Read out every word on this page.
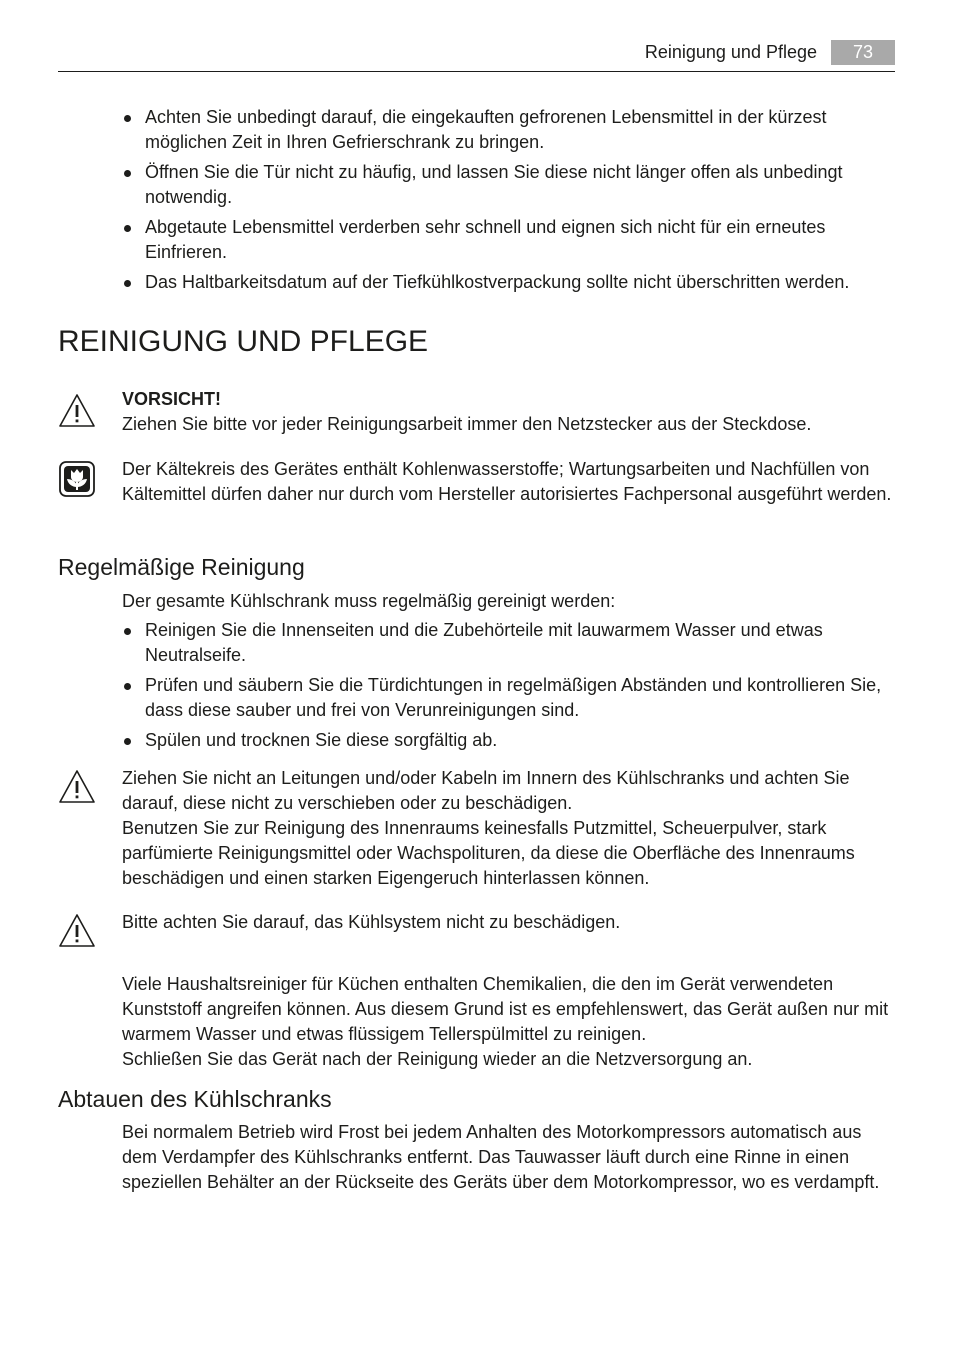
Reinigung und Pflege	73
Achten Sie unbedingt darauf, die eingekauften gefrorenen Lebensmittel in der kürzest möglichen Zeit in Ihren Gefrierschrank zu bringen.
Öffnen Sie die Tür nicht zu häufig, und lassen Sie diese nicht länger offen als unbedingt notwendig.
Abgetaute Lebensmittel verderben sehr schnell und eignen sich nicht für ein erneutes Einfrieren.
Das Haltbarkeitsdatum auf der Tiefkühlkostverpackung sollte nicht überschritten werden.
REINIGUNG UND PFLEGE
VORSICHT!
Ziehen Sie bitte vor jeder Reinigungsarbeit immer den Netzstecker aus der Steckdose.
Der Kältekreis des Gerätes enthält Kohlenwasserstoffe; Wartungsarbeiten und Nachfüllen von Kältemittel dürfen daher nur durch vom Hersteller autorisiertes Fachpersonal ausgeführt werden.
Regelmäßige Reinigung
Der gesamte Kühlschrank muss regelmäßig gereinigt werden:
Reinigen Sie die Innenseiten und die Zubehörteile mit lauwarmem Wasser und etwas Neutralseife.
Prüfen und säubern Sie die Türdichtungen in regelmäßigen Abständen und kontrollieren Sie, dass diese sauber und frei von Verunreinigungen sind.
Spülen und trocknen Sie diese sorgfältig ab.
Ziehen Sie nicht an Leitungen und/oder Kabeln im Innern des Kühlschranks und achten Sie darauf, diese nicht zu verschieben oder zu beschädigen.
Benutzen Sie zur Reinigung des Innenraums keinesfalls Putzmittel, Scheuerpulver, stark parfümierte Reinigungsmittel oder Wachspolituren, da diese die Oberfläche des Innenraums beschädigen und einen starken Eigengeruch hinterlassen können.
Bitte achten Sie darauf, das Kühlsystem nicht zu beschädigen.
Viele Haushaltsreiniger für Küchen enthalten Chemikalien, die den im Gerät verwendeten Kunststoff angreifen können. Aus diesem Grund ist es empfehlenswert, das Gerät außen nur mit warmem Wasser und etwas flüssigem Tellerspülmittel zu reinigen.
Schließen Sie das Gerät nach der Reinigung wieder an die Netzversorgung an.
Abtauen des Kühlschranks
Bei normalem Betrieb wird Frost bei jedem Anhalten des Motorkompressors automatisch aus dem Verdampfer des Kühlschranks entfernt. Das Tauwasser läuft durch eine Rinne in einen speziellen Behälter an der Rückseite des Geräts über dem Motorkompressor, wo es verdampft.
